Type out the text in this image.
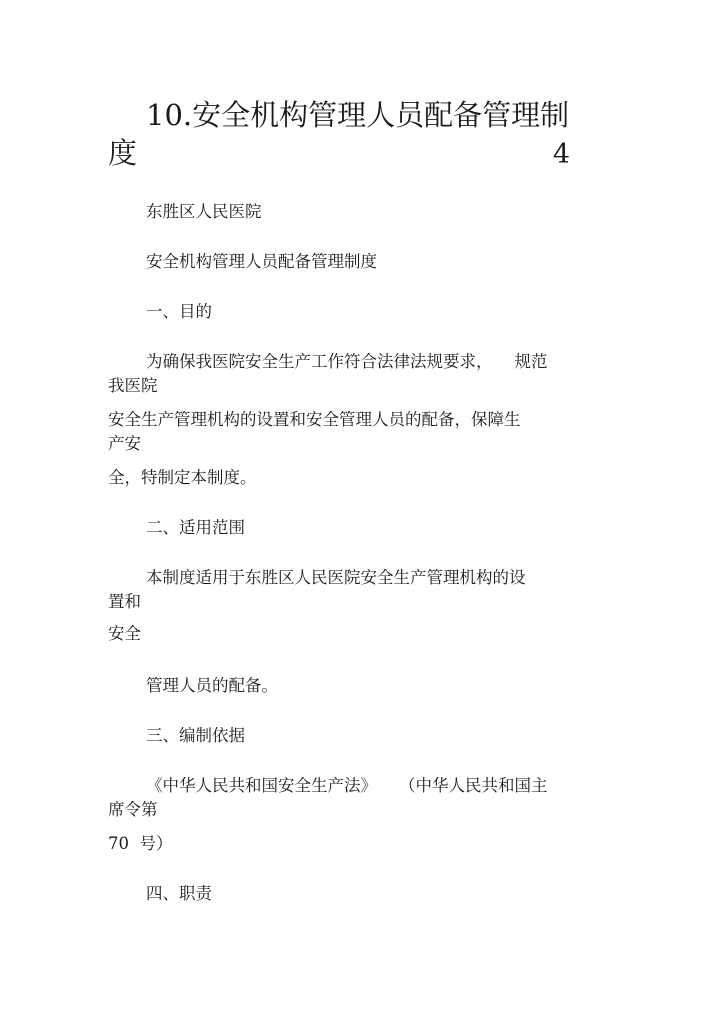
10.安全机构管理人员配备管理制
度	4
东胜区人民医院
安全机构管理人员配备管理制度
一、目的
为确保我医院安全生产工作符合法律法规要求， 规范
我医院
安全生产管理机构的设置和安全管理人员的配备，保障生
产安
全，特制定本制度。
二、适用范围
本制度适用于东胜区人民医院安全生产管理机构的设
置和
安全
管理人员的配备。
三、编制依据
《中华人民共和国安全生产法》 （中华人民共和国主
席令第
70  号）
四、职责
